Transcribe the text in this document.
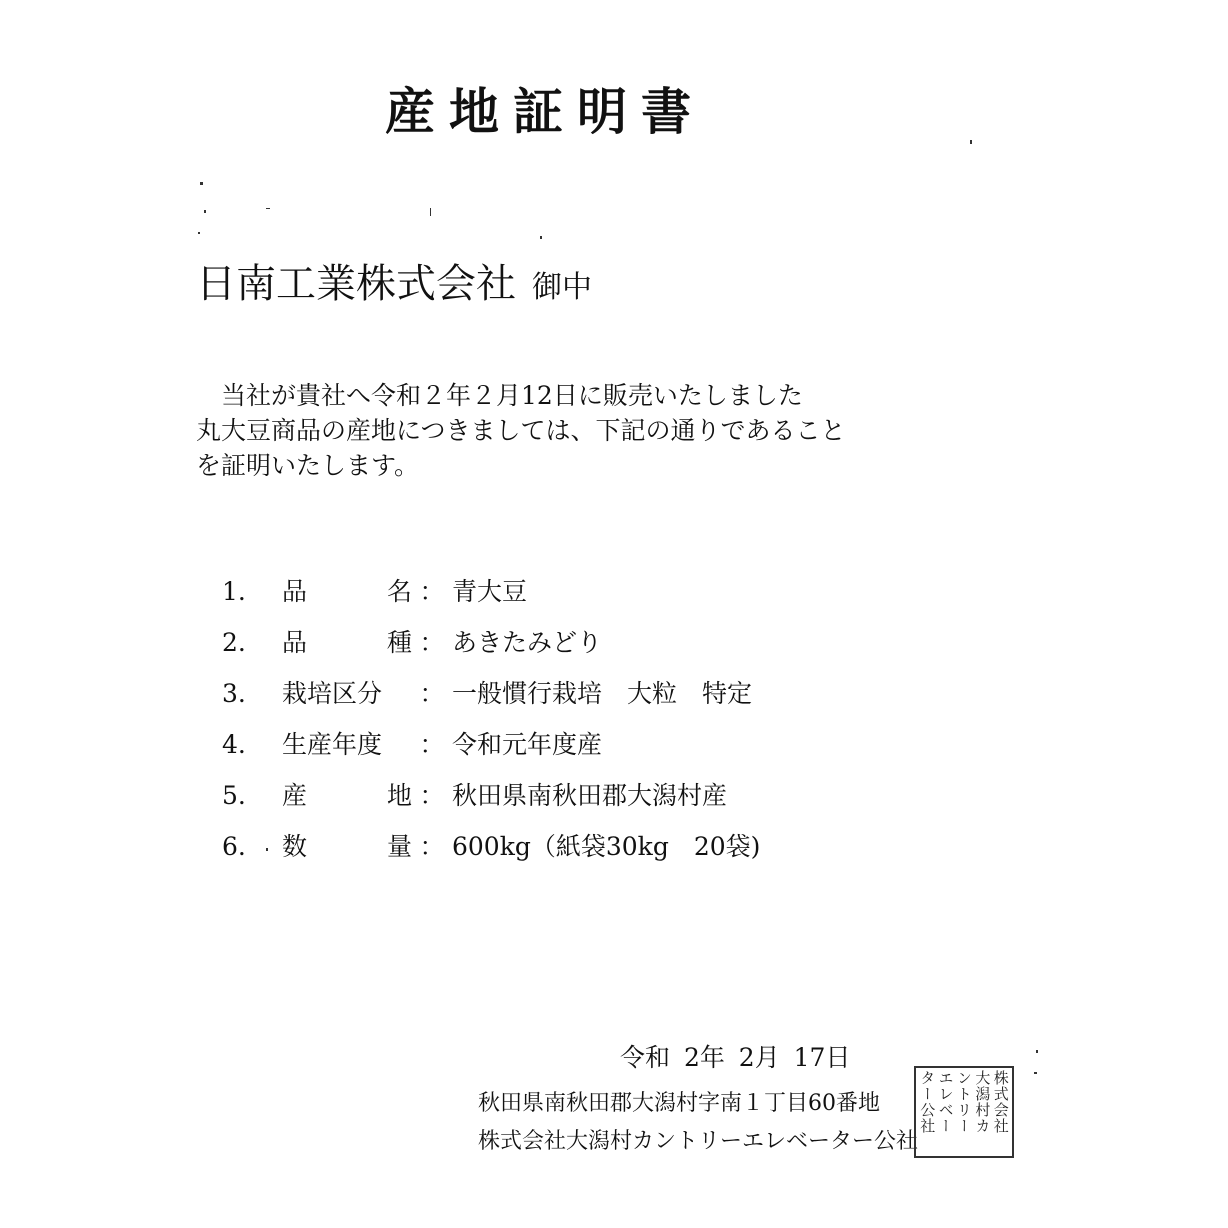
産地証明書
日南工業株式会社 御中
　当社が貴社へ令和２年２月12日に販売いたしました
丸大豆商品の産地につきましては、下記の通りであること
を証明いたします。
1.	品	名 ： 青大豆
2.	品	種 ： あきたみどり
3.	栽培区分 ： 一般慣行栽培　大粒　特定
4.	生産年度 ： 令和元年度産
5.	産	地 ： 秋田県南秋田郡大潟村産
6.	数	量 ： 600kg（紙袋30kg　20袋)
令和 2年 2月 17日
秋田県南秋田郡大潟村字南１丁目60番地
株式会社大潟村カントリーエレベーター公社
株式会社
大潟村カ
ントリー
エレベー
ター公社
